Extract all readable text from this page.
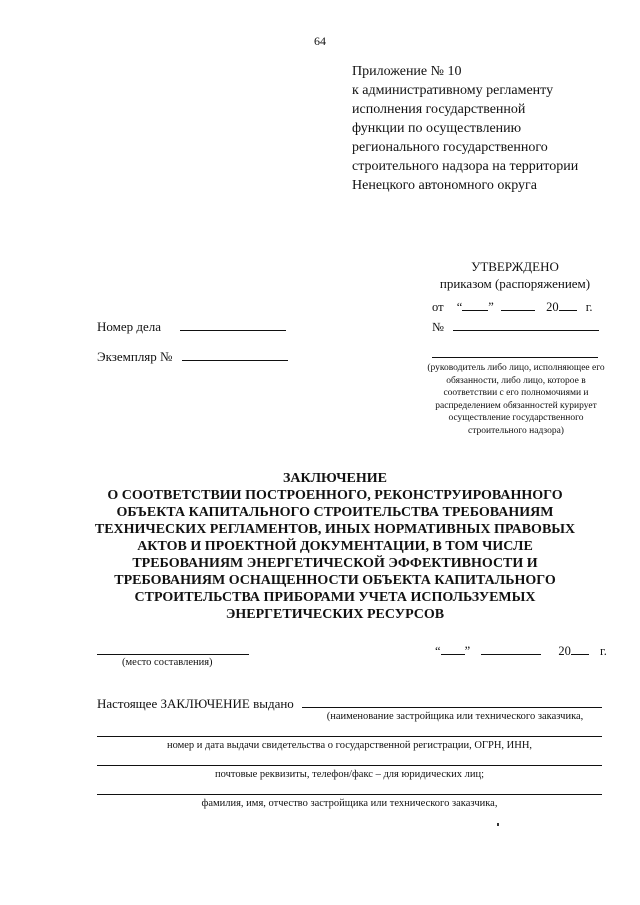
64
Приложение № 10
к административному регламенту
исполнения государственной
функции по осуществлению
регионального государственного
строительного надзора на территории
Ненецкого автономного округа
УТВЕРЖДЕНО
приказом (распоряжением)
от “ ”	20 г.
№
Номер дела
Экземпляр №
(руководитель либо лицо, исполняющее его обязанности, либо лицо, которое в соответствии с его полномочиями и распределением обязанностей курирует осуществление государственного строительного надзора)
ЗАКЛЮЧЕНИЕ
О СООТВЕТСТВИИ ПОСТРОЕННОГО, РЕКОНСТРУИРОВАННОГО
ОБЪЕКТА КАПИТАЛЬНОГО СТРОИТЕЛЬСТВА ТРЕБОВАНИЯМ
ТЕХНИЧЕСКИХ РЕГЛАМЕНТОВ, ИНЫХ НОРМАТИВНЫХ ПРАВОВЫХ
АКТОВ И ПРОЕКТНОЙ ДОКУМЕНТАЦИИ, В ТОМ ЧИСЛЕ
ТРЕБОВАНИЯМ ЭНЕРГЕТИЧЕСКОЙ ЭФФЕКТИВНОСТИ И
ТРЕБОВАНИЯМ ОСНАЩЕННОСТИ ОБЪЕКТА КАПИТАЛЬНОГО
СТРОИТЕЛЬСТВА ПРИБОРАМИ УЧЕТА ИСПОЛЬЗУЕМЫХ
ЭНЕРГЕТИЧЕСКИХ РЕСУРСОВ
(место составления)
“ ”	20 г.
Настоящее ЗАКЛЮЧЕНИЕ выдано
(наименование застройщика или технического заказчика,
номер и дата выдачи свидетельства о государственной регистрации, ОГРН, ИНН,
почтовые реквизиты, телефон/факс – для юридических лиц;
фамилия, имя, отчество застройщика или технического заказчика,
